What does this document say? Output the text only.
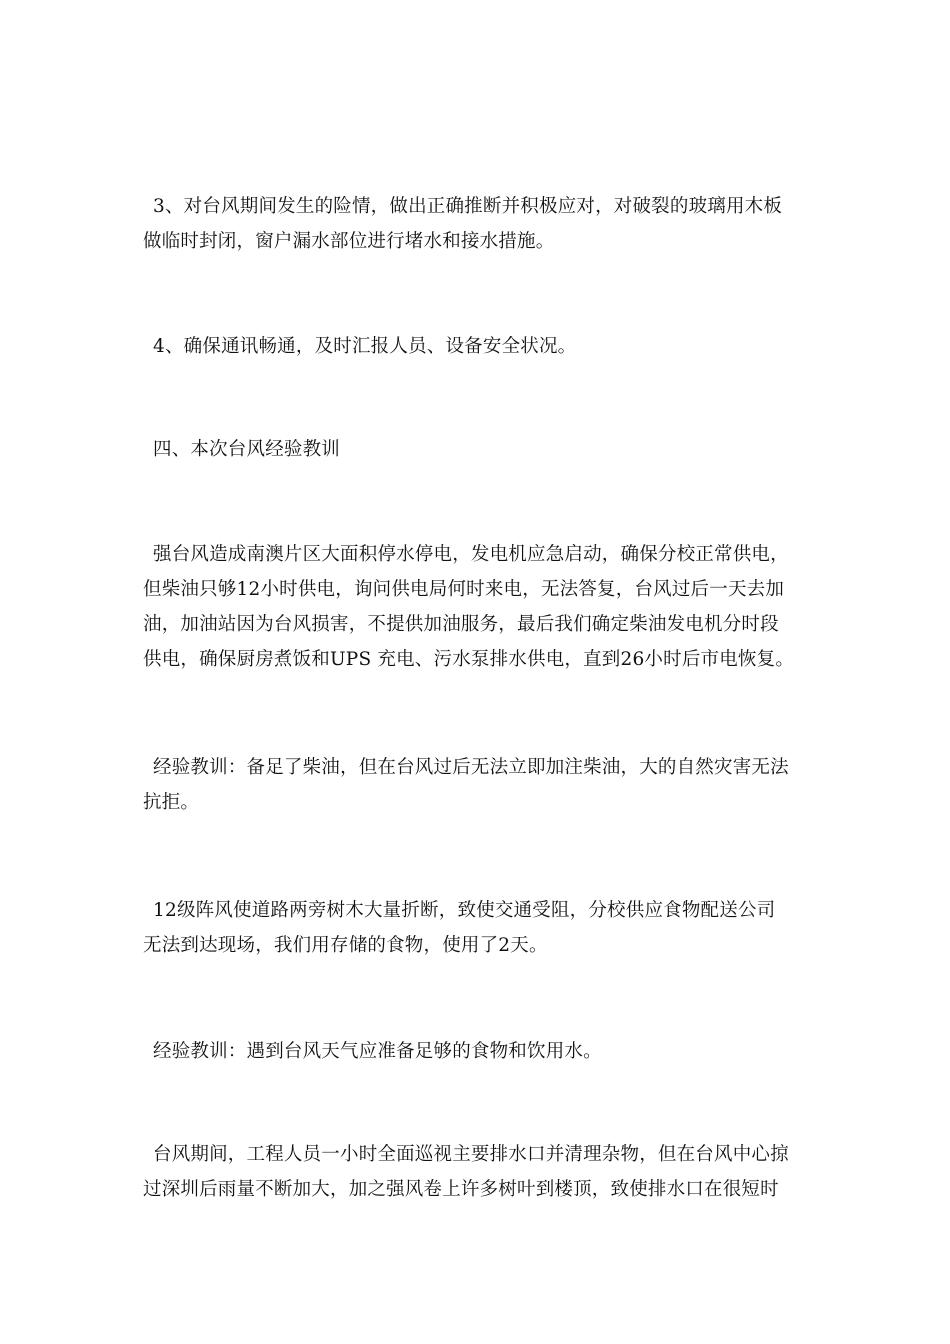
3、对台风期间发生的险情，做出正确推断并积极应对，对破裂的玻璃用木板
做临时封闭，窗户漏水部位进行堵水和接水措施。

4、确保通讯畅通，及时汇报人员、设备安全状况。

四、本次台风经验教训

强台风造成南澳片区大面积停水停电，发电机应急启动，确保分校正常供电，
但柴油只够12小时供电，询问供电局何时来电，无法答复，台风过后一天去加
油，加油站因为台风损害，不提供加油服务，最后我们确定柴油发电机分时段
供电，确保厨房煮饭和UPS 充电、污水泵排水供电，直到26小时后市电恢复。

经验教训：备足了柴油，但在台风过后无法立即加注柴油，大的自然灾害无法
抗拒。

12级阵风使道路两旁树木大量折断，致使交通受阻，分校供应食物配送公司
无法到达现场，我们用存储的食物，使用了2天。

经验教训：遇到台风天气应准备足够的食物和饮用水。

台风期间，工程人员一小时全面巡视主要排水口并清理杂物，但在台风中心掠
过深圳后雨量不断加大，加之强风卷上许多树叶到楼顶，致使排水口在很短时
